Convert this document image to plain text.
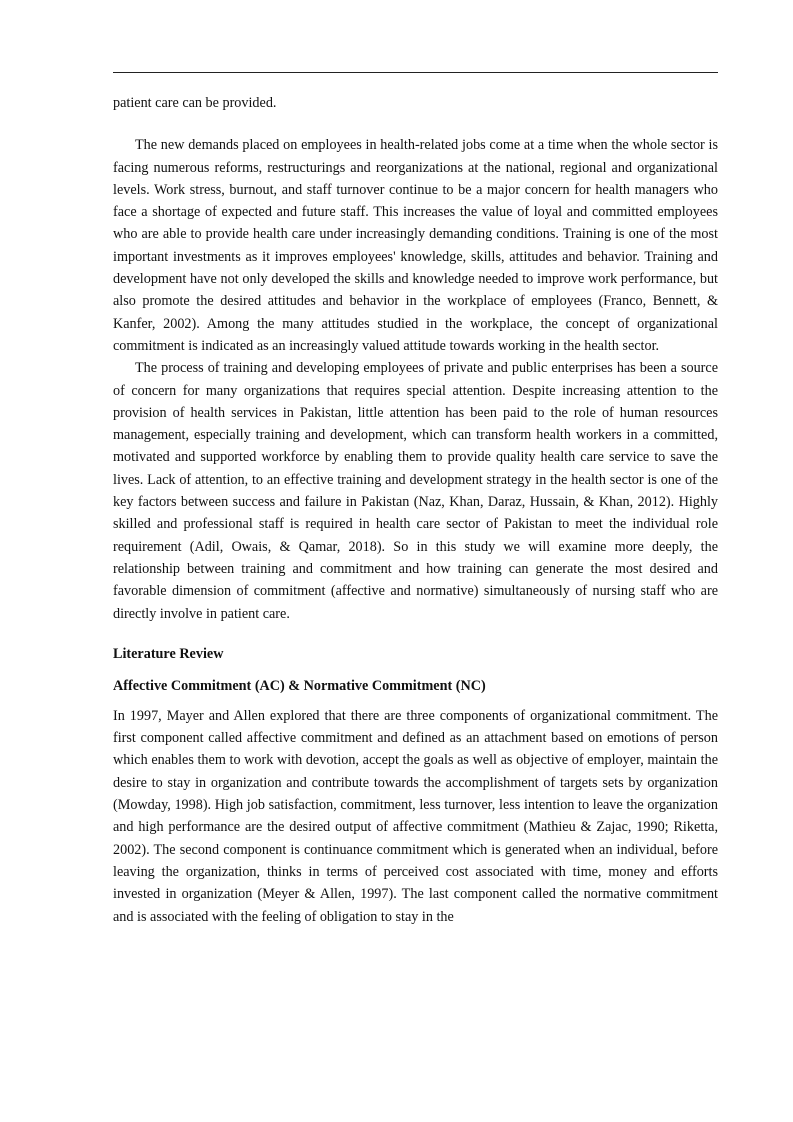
patient care can be provided.

The new demands placed on employees in health-related jobs come at a time when the whole sector is facing numerous reforms, restructurings and reorganizations at the national, regional and organizational levels. Work stress, burnout, and staff turnover continue to be a major concern for health managers who face a shortage of expected and future staff. This increases the value of loyal and committed employees who are able to provide health care under increasingly demanding conditions. Training is one of the most important investments as it improves employees' knowledge, skills, attitudes and behavior. Training and development have not only developed the skills and knowledge needed to improve work performance, but also promote the desired attitudes and behavior in the workplace of employees (Franco, Bennett, & Kanfer, 2002). Among the many attitudes studied in the workplace, the concept of organizational commitment is indicated as an increasingly valued attitude towards working in the health sector.

The process of training and developing employees of private and public enterprises has been a source of concern for many organizations that requires special attention. Despite increasing attention to the provision of health services in Pakistan, little attention has been paid to the role of human resources management, especially training and development, which can transform health workers in a committed, motivated and supported workforce by enabling them to provide quality health care service to save the lives. Lack of attention, to an effective training and development strategy in the health sector is one of the key factors between success and failure in Pakistan (Naz, Khan, Daraz, Hussain, & Khan, 2012). Highly skilled and professional staff is required in health care sector of Pakistan to meet the individual role requirement (Adil, Owais, & Qamar, 2018). So in this study we will examine more deeply, the relationship between training and commitment and how training can generate the most desired and favorable dimension of commitment (affective and normative) simultaneously of nursing staff who are directly involve in patient care.

Literature Review
Affective Commitment (AC) & Normative Commitment (NC)

In 1997, Mayer and Allen explored that there are three components of organizational commitment. The first component called affective commitment and defined as an attachment based on emotions of person which enables them to work with devotion, accept the goals as well as objective of employer, maintain the desire to stay in organization and contribute towards the accomplishment of targets sets by organization (Mowday, 1998). High job satisfaction, commitment, less turnover, less intention to leave the organization and high performance are the desired output of affective commitment (Mathieu & Zajac, 1990; Riketta, 2002). The second component is continuance commitment which is generated when an individual, before leaving the organization, thinks in terms of perceived cost associated with time, money and efforts invested in organization (Meyer & Allen, 1997). The last component called the normative commitment and is associated with the feeling of obligation to stay in the
